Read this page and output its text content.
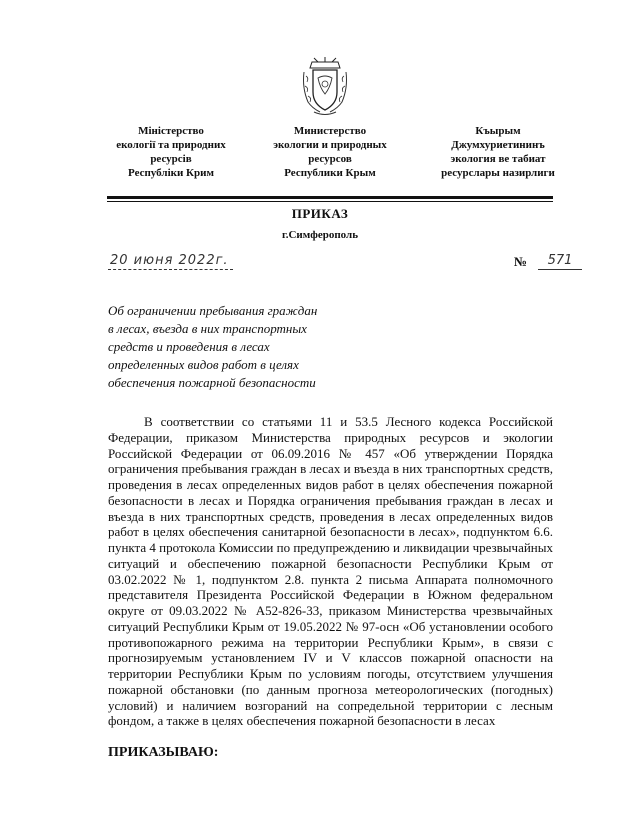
Міністерство
екології та природних
ресурсів
Республіки Крим
Министерство
экологии и природных
ресурсов
Республики Крым
Къырым
Джумхуриетининъ
экология ве табиат
ресурслары назирлиги
ПРИКАЗ
г.Симферополь
20 июня 2022г.	№	571
Об ограничении пребывания граждан
в лесах, въезда в них транспортных
средств и проведения в лесах
определенных видов работ в целях
обеспечения пожарной безопасности
В соответствии со статьями 11 и 53.5 Лесного кодекса Российской
Федерации, приказом Министерства природных ресурсов и экологии
Российской Федерации от 06.09.2016 № 457 «Об утверждении Порядка
ограничения пребывания граждан в лесах и въезда в них транспортных средств,
проведения в лесах определенных видов работ в целях обеспечения пожарной
безопасности в лесах и Порядка ограничения пребывания граждан в лесах и
въезда в них транспортных средств, проведения в лесах определенных видов
работ в целях обеспечения санитарной безопасности в лесах», подпунктом 6.6.
пункта 4 протокола Комиссии по предупреждению и ликвидации чрезвычайных
ситуаций и обеспечению пожарной безопасности Республики Крым от
03.02.2022 № 1, подпунктом 2.8. пункта 2 письма Аппарата полномочного
представителя Президента Российской Федерации в Южном федеральном
округе от 09.03.2022 № А52-826-33, приказом Министерства чрезвычайных
ситуаций Республики Крым от 19.05.2022 № 97-осн «Об установлении особого
противопожарного режима на территории Республики Крым», в связи с
прогнозируемым установлением IV и V классов пожарной опасности на
территории Республики Крым по условиям погоды, отсутствием улучшения
пожарной обстановки (по данным прогноза метеорологических (погодных)
условий) и наличием возгораний на сопредельной территории с лесным
фондом, а также в целях обеспечения пожарной безопасности в лесах
ПРИКАЗЫВАЮ:
